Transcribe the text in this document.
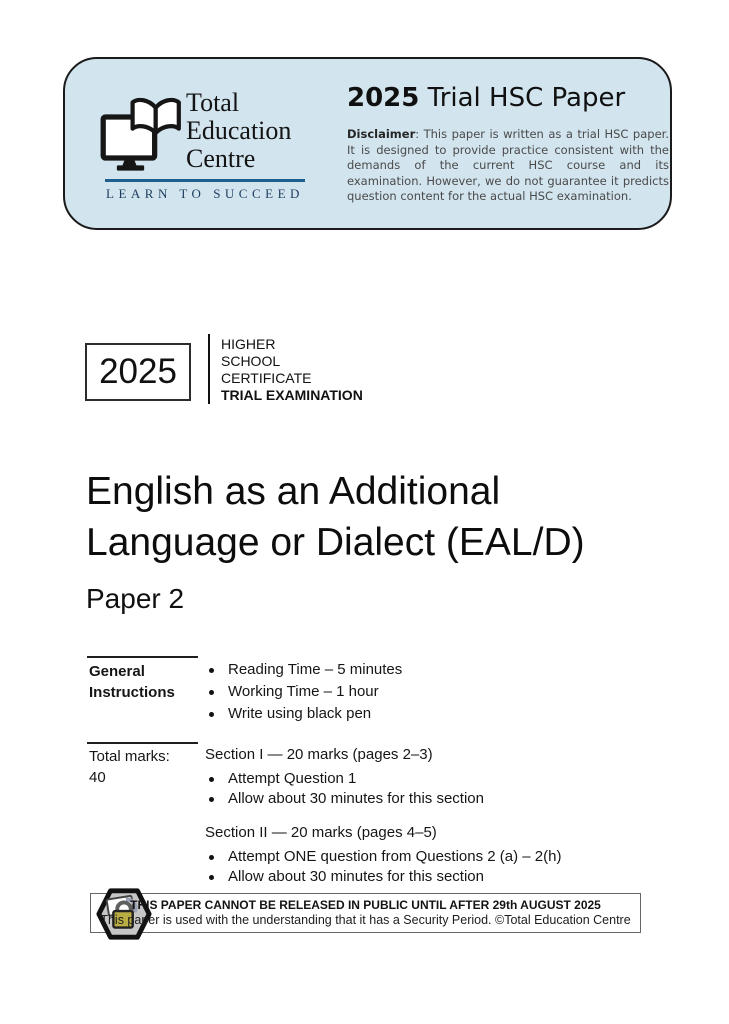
Total
Education
Centre
LEARN TO SUCCEED
2025 Trial HSC Paper

Disclaimer: This paper is written as a trial HSC paper. It is designed to provide practice consistent with the demands of the current HSC course and its examination. However, we do not guarantee it predicts question content for the actual HSC examination.

2025
HIGHER
SCHOOL
CERTIFICATE
TRIAL EXAMINATION
English as an Additional
Language or Dialect (EAL/D)
Paper 2
General
Instructions
Reading Time – 5 minutes
Working Time – 1 hour
Write using black pen
Total marks:
40
Section I — 20 marks (pages 2–3)
Attempt Question 1
Allow about 30 minutes for this section
Section II — 20 marks (pages 4–5)
Attempt ONE question from Questions 2 (a) – 2(h)
Allow about 30 minutes for this section
THIS PAPER CANNOT BE RELEASED IN PUBLIC UNTIL AFTER 29th AUGUST 2025
This paper is used with the understanding that it has a Security Period. ©Total Education Centre
